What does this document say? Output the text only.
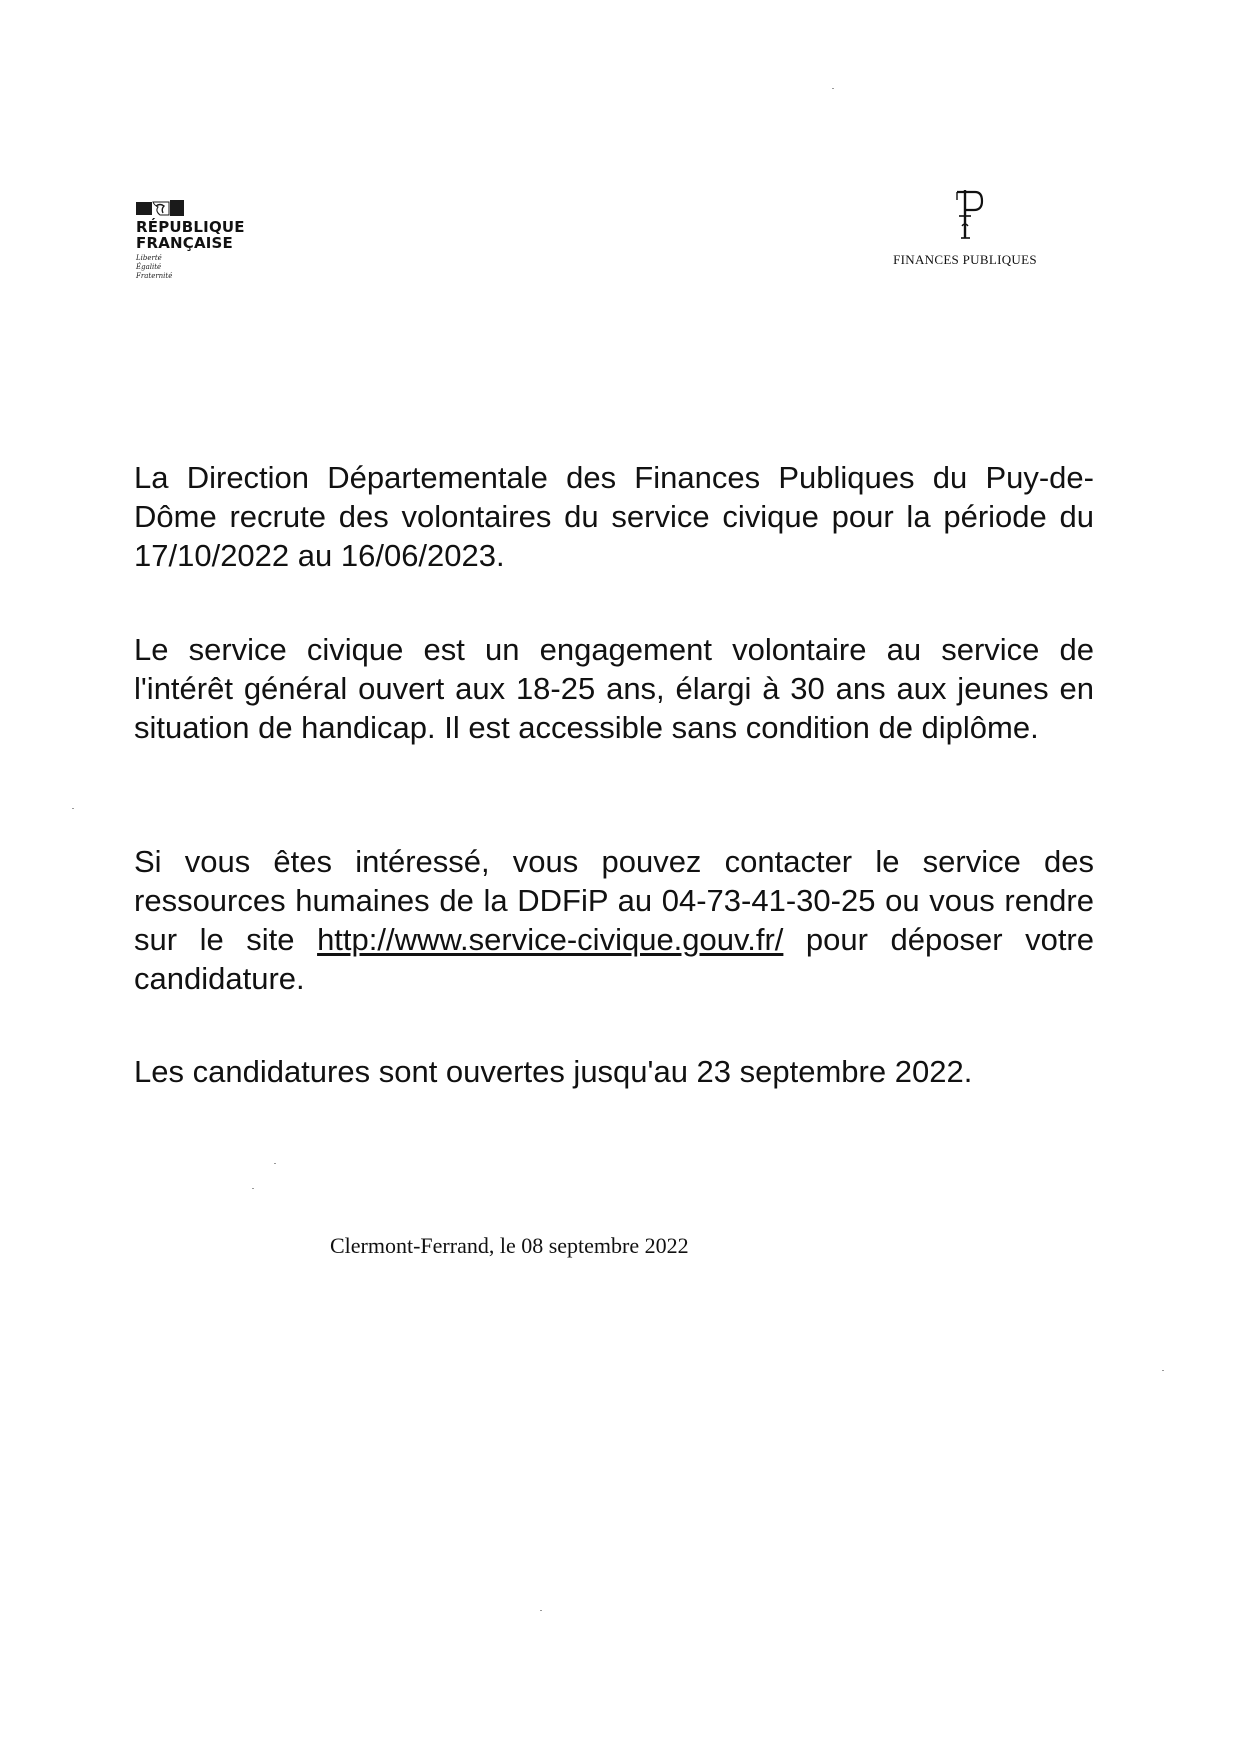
RÉPUBLIQUE
FRANÇAISE
Liberté
Égalité
Fraternité
FINANCES PUBLIQUES

La Direction Départementale des Finances Publiques du Puy-de-Dôme recrute des volontaires du service civique pour la période du 17/10/2022 au 16/06/2023.

Le service civique est un engagement volontaire au service de l'intérêt général ouvert aux 18-25 ans, élargi à 30 ans aux jeunes en situation de handicap. Il est accessible sans condition de diplôme.

Si vous êtes intéressé, vous pouvez contacter le service des ressources humaines de la DDFiP au 04-73-41-30-25 ou vous rendre sur le site http://www.service-civique.gouv.fr/ pour déposer votre candidature.

Les candidatures sont ouvertes jusqu'au 23 septembre 2022.

Clermont-Ferrand, le 08 septembre 2022
